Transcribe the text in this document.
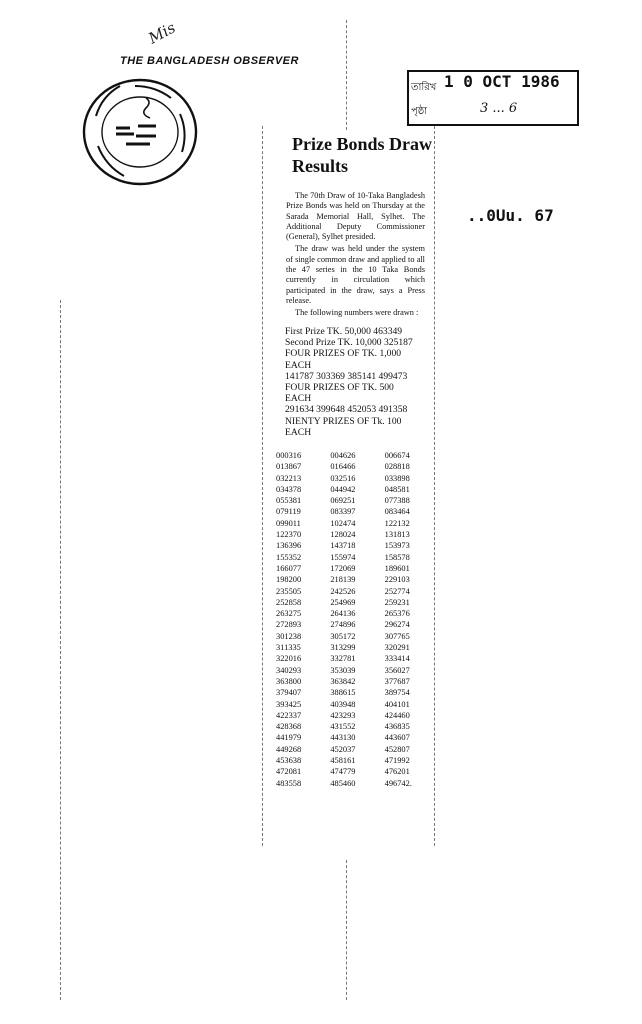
Mis
THE BANGLADESH OBSERVER
তারিখ 1 0 OCT 1986
পৃষ্ঠা	3 ... 6
..0Uu. 67
Prize Bonds Draw Results

The 70th Draw of 10-Taka Bangladesh Prize Bonds was held on Thursday at the Sarada Memorial Hall, Sylhet. The Additional Deputy Commissioner (General), Sylhet presided.

The draw was held under the system of single common draw and applied to all the 47 series in the 10 Taka Bonds currently in circulation which participated in the draw, says a Press release.

The following numbers were drawn :

First Prize TK. 50,000 463349
Second Prize TK. 10,000 325187
FOUR PRIZES OF TK. 1,000
EACH
141787 303369 385141 499473
FOUR PRIZES OF TK. 500
EACH
291634 399648 452053 491358
NIENTY PRIZES OF Tk. 100
EACH
000316	004626	006674
013867	016466	028818
032213	032516	033898
034378	044942	048581
055381	069251	077388
079119	083397	083464
099011	102474	122132
122370	128024	131813
136396	143718	153973
155352	155974	158578
166077	172069	189601
198200	218139	229103
235505	242526	252774
252858	254969	259231
263275	264136	265376
272893	274896	296274
301238	305172	307765
311335	313299	320291
322016	332781	333414
340293	353039	356027
363800	363842	377687
379407	388615	389754
393425	403948	404101
422337	423293	424460
428368	431552	436835
441979	443130	443607
449268	452037	452807
453638	458161	471992
472081	474779	476201
483558	485460	496742.
